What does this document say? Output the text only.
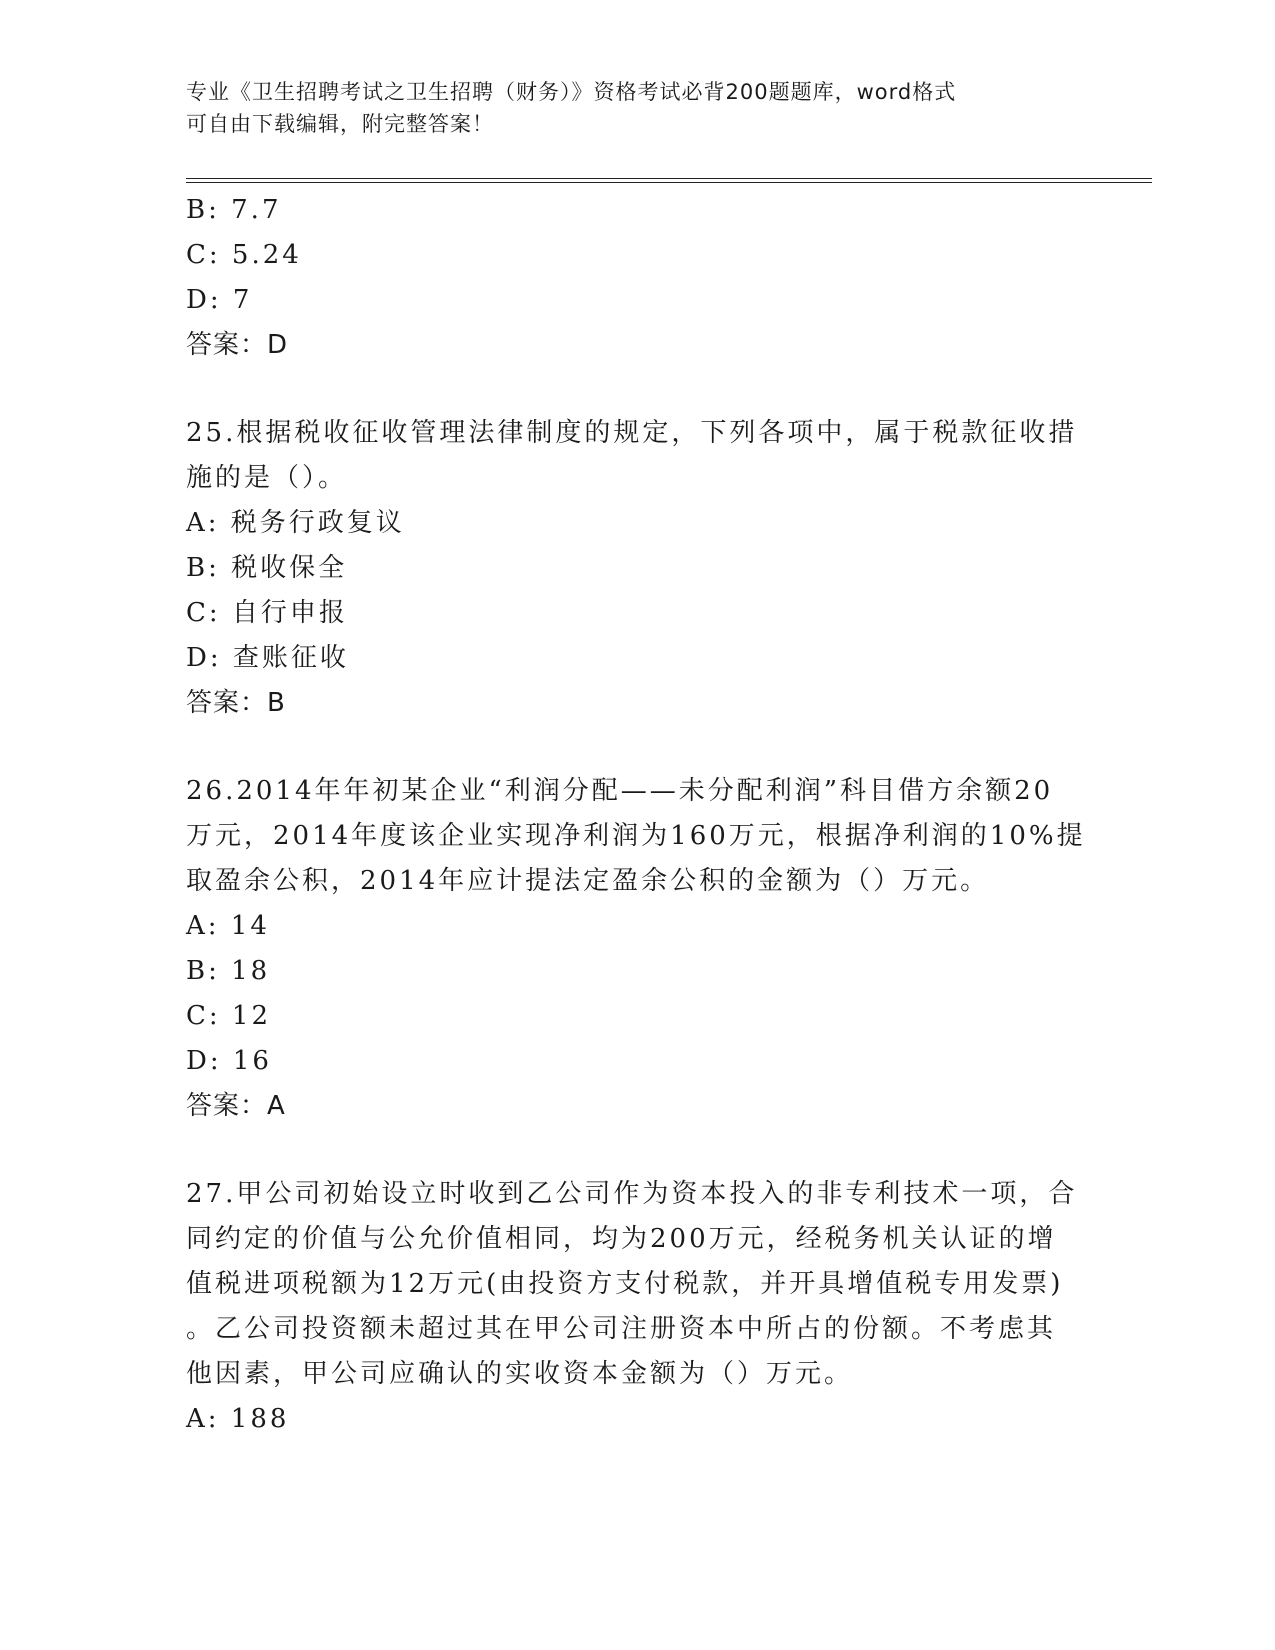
专业《卫生招聘考试之卫生招聘（财务）》资格考试必背200题题库，word格式

可自由下载编辑，附完整答案！

B: 7.7
C: 5.24
D: 7
答案：D
25.根据税收征收管理法律制度的规定，下列各项中，属于税款征收措
施的是（）。
A: 税务行政复议
B: 税收保全
C: 自行申报
D: 查账征收
答案：B
26.2014年年初某企业“利润分配——未分配利润”科目借方余额20
万元，2014年度该企业实现净利润为160万元，根据净利润的10%提
取盈余公积，2014年应计提法定盈余公积的金额为（）万元。
A: 14
B: 18
C: 12
D: 16
答案：A
27.甲公司初始设立时收到乙公司作为资本投入的非专利技术一项，合
同约定的价值与公允价值相同，均为200万元，经税务机关认证的增
值税进项税额为12万元(由投资方支付税款，并开具增值税专用发票)
。乙公司投资额未超过其在甲公司注册资本中所占的份额。不考虑其
他因素，甲公司应确认的实收资本金额为（）万元。
A: 188
